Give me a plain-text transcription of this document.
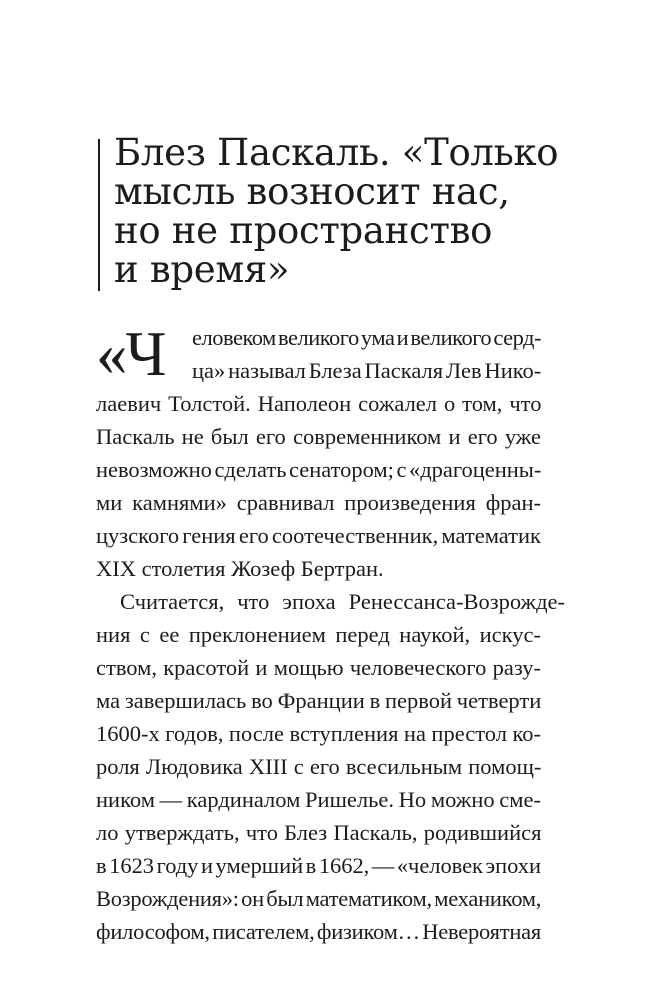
Блез Паскаль. «Только
мысль возносит нас,
но не пространство
и время»
«Ч еловеком великого ума и великого серд-
ца» называл Блеза Паскаля Лев Нико-
лаевич Толстой. Наполеон сожалел о том, что
Паскаль не был его современником и его уже
невозможно сделать сенатором; с «драгоценны-
ми камнями» сравнивал произведения фран-
цузского гения его соотечественник, математик
XIX столетия Жозеф Бертран.
Считается, что эпоха Ренессанса-Возрожде-
ния с ее преклонением перед наукой, искус-
ством, красотой и мощью человеческого разу-
ма завершилась во Франции в первой четверти
1600-х годов, после вступления на престол ко-
роля Людовика XIII с его всесильным помощ-
ником — кардиналом Ришелье. Но можно сме-
ло утверждать, что Блез Паскаль, родившийся
в 1623 году и умерший в 1662, — «человек эпохи
Возрождения»: он был математиком, механиком,
философом, писателем, физиком… Невероятная
